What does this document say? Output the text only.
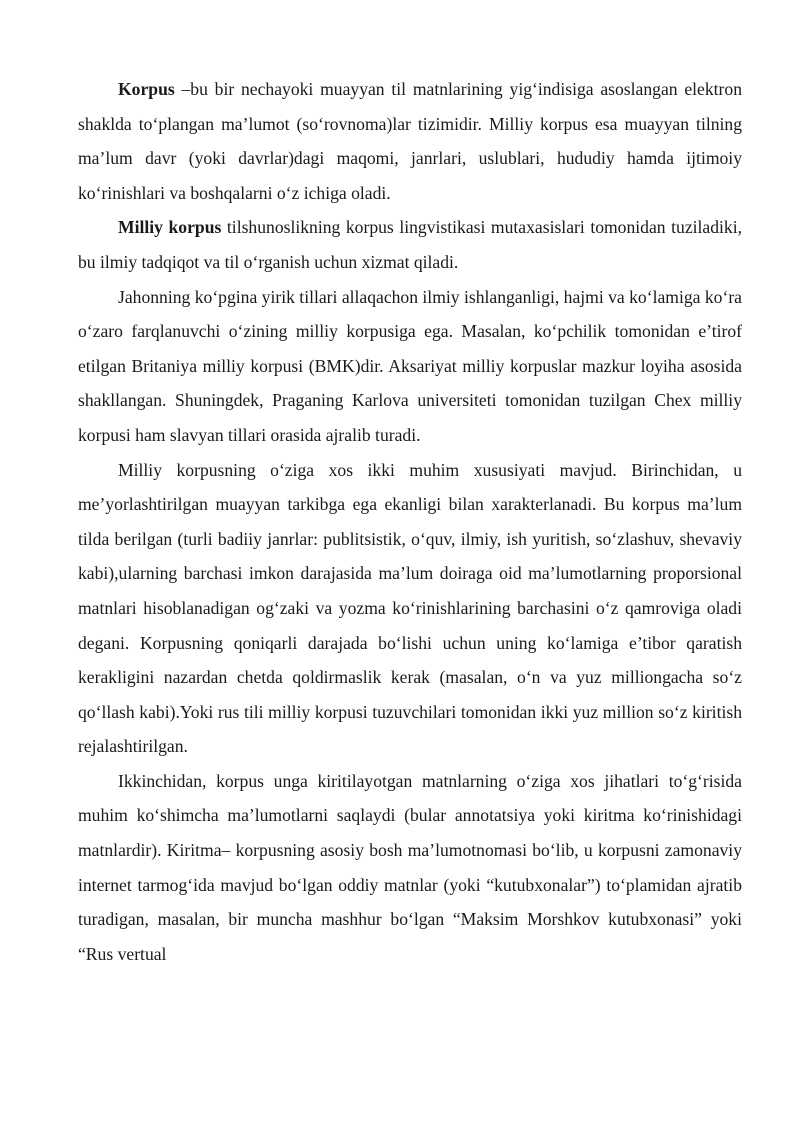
Korpus –bu bir nechayoki muayyan til matnlarining yig‘indisiga asoslangan elektron shaklda to‘plangan ma’lumot (so‘rovnoma)lar tizimidir. Milliy korpus esa muayyan tilning ma’lum davr (yoki davrlar)dagi maqomi, janrlari, uslublari, hududiy hamda ijtimoiy ko‘rinishlari va boshqalarni o‘z ichiga oladi.

Milliy korpus tilshunoslikning korpus lingvistikasi mutaxasislari tomonidan tuziladiki, bu ilmiy tadqiqot va til o‘rganish uchun xizmat qiladi.

Jahonning ko‘pgina yirik tillari allaqachon ilmiy ishlanganligi, hajmi va ko‘lamiga ko‘ra o‘zaro farqlanuvchi o‘zining milliy korpusiga ega. Masalan, ko‘pchilik tomonidan e’tirof etilgan Britaniya milliy korpusi (BMK)dir. Aksariyat milliy korpuslar mazkur loyiha asosida shakllangan. Shuningdek, Praganing Karlova universiteti tomonidan tuzilgan Chex milliy korpusi ham slavyan tillari orasida ajralib turadi.

Milliy korpusning o‘ziga xos ikki muhim xususiyati mavjud. Birinchidan, u me’yorlashtirilgan muayyan tarkibga ega ekanligi bilan xarakterlanadi. Bu korpus ma’lum tilda berilgan (turli badiiy janrlar: publitsistik, o‘quv, ilmiy, ish yuritish, so‘zlashuv, shevaviy kabi),ularning barchasi imkon darajasida ma’lum doiraga oid ma’lumotlarning proporsional matnlari hisoblanadigan og‘zaki va yozma ko‘rinishlarining barchasini o‘z qamroviga oladi degani. Korpusning qoniqarli darajada bo‘lishi uchun uning ko‘lamiga e’tibor qaratish kerakligini nazardan chetda qoldirmaslik kerak (masalan, o‘n va yuz milliongacha so‘z qo‘llash kabi).Yoki rus tili milliy korpusi tuzuvchilari tomonidan ikki yuz million so‘z kiritish rejalashtirilgan.

Ikkinchidan, korpus unga kiritilayotgan matnlarning o‘ziga xos jihatlari to‘g‘risida muhim ko‘shimcha ma’lumotlarni saqlaydi (bular annotatsiya yoki kiritma ko‘rinishidagi matnlardir). Kiritma– korpusning asosiy bosh ma’lumotnomasi bo‘lib, u korpusni zamonaviy internet tarmog‘ida mavjud bo‘lgan oddiy matnlar (yoki “kutubxonalar”) to‘plamidan ajratib turadigan, masalan, bir muncha mashhur bo‘lgan “Maksim Morshkov kutubxonasi” yoki “Rus vertual
